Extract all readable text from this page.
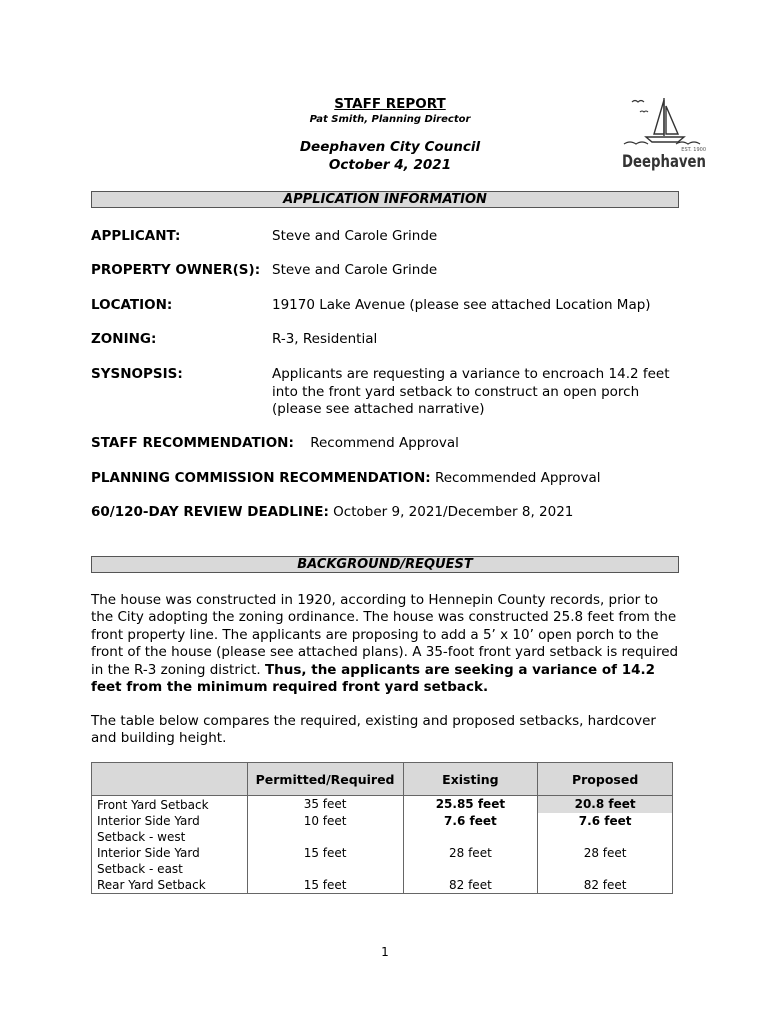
STAFF REPORT
Pat Smith, Planning Director
Deephaven City Council
October 4, 2021
EST. 1900
Deephaven
APPLICATION INFORMATION
APPLICANT:	Steve and Carole Grinde
PROPERTY OWNER(S): Steve and Carole Grinde
LOCATION:	19170 Lake Avenue (please see attached Location Map)
ZONING:	R-3, Residential
SYSNOPSIS:	Applicants are requesting a variance to encroach 14.2 feet into the front yard setback to construct an open porch (please see attached narrative)
STAFF RECOMMENDATION: Recommend Approval
PLANNING COMMISSION RECOMMENDATION: Recommended Approval
60/120-DAY REVIEW DEADLINE: October 9, 2021/December 8, 2021
BACKGROUND/REQUEST
The house was constructed in 1920, according to Hennepin County records, prior to the City adopting the zoning ordinance. The house was constructed 25.8 feet from the front property line. The applicants are proposing to add a 5’ x 10’ open porch to the front of the house (please see attached plans). A 35-foot front yard setback is required in the R-3 zoning district. Thus, the applicants are seeking a variance of 14.2 feet from the minimum required front yard setback.
The table below compares the required, existing and proposed setbacks, hardcover and building height.
	Permitted/Required	Existing	Proposed
Front Yard Setback	35 feet	25.85 feet	20.8 feet
Interior Side Yard Setback - west	10 feet	7.6 feet	7.6 feet
Interior Side Yard Setback - east	15 feet	28 feet	28 feet
Rear Yard Setback	15 feet	82 feet	82 feet
1
